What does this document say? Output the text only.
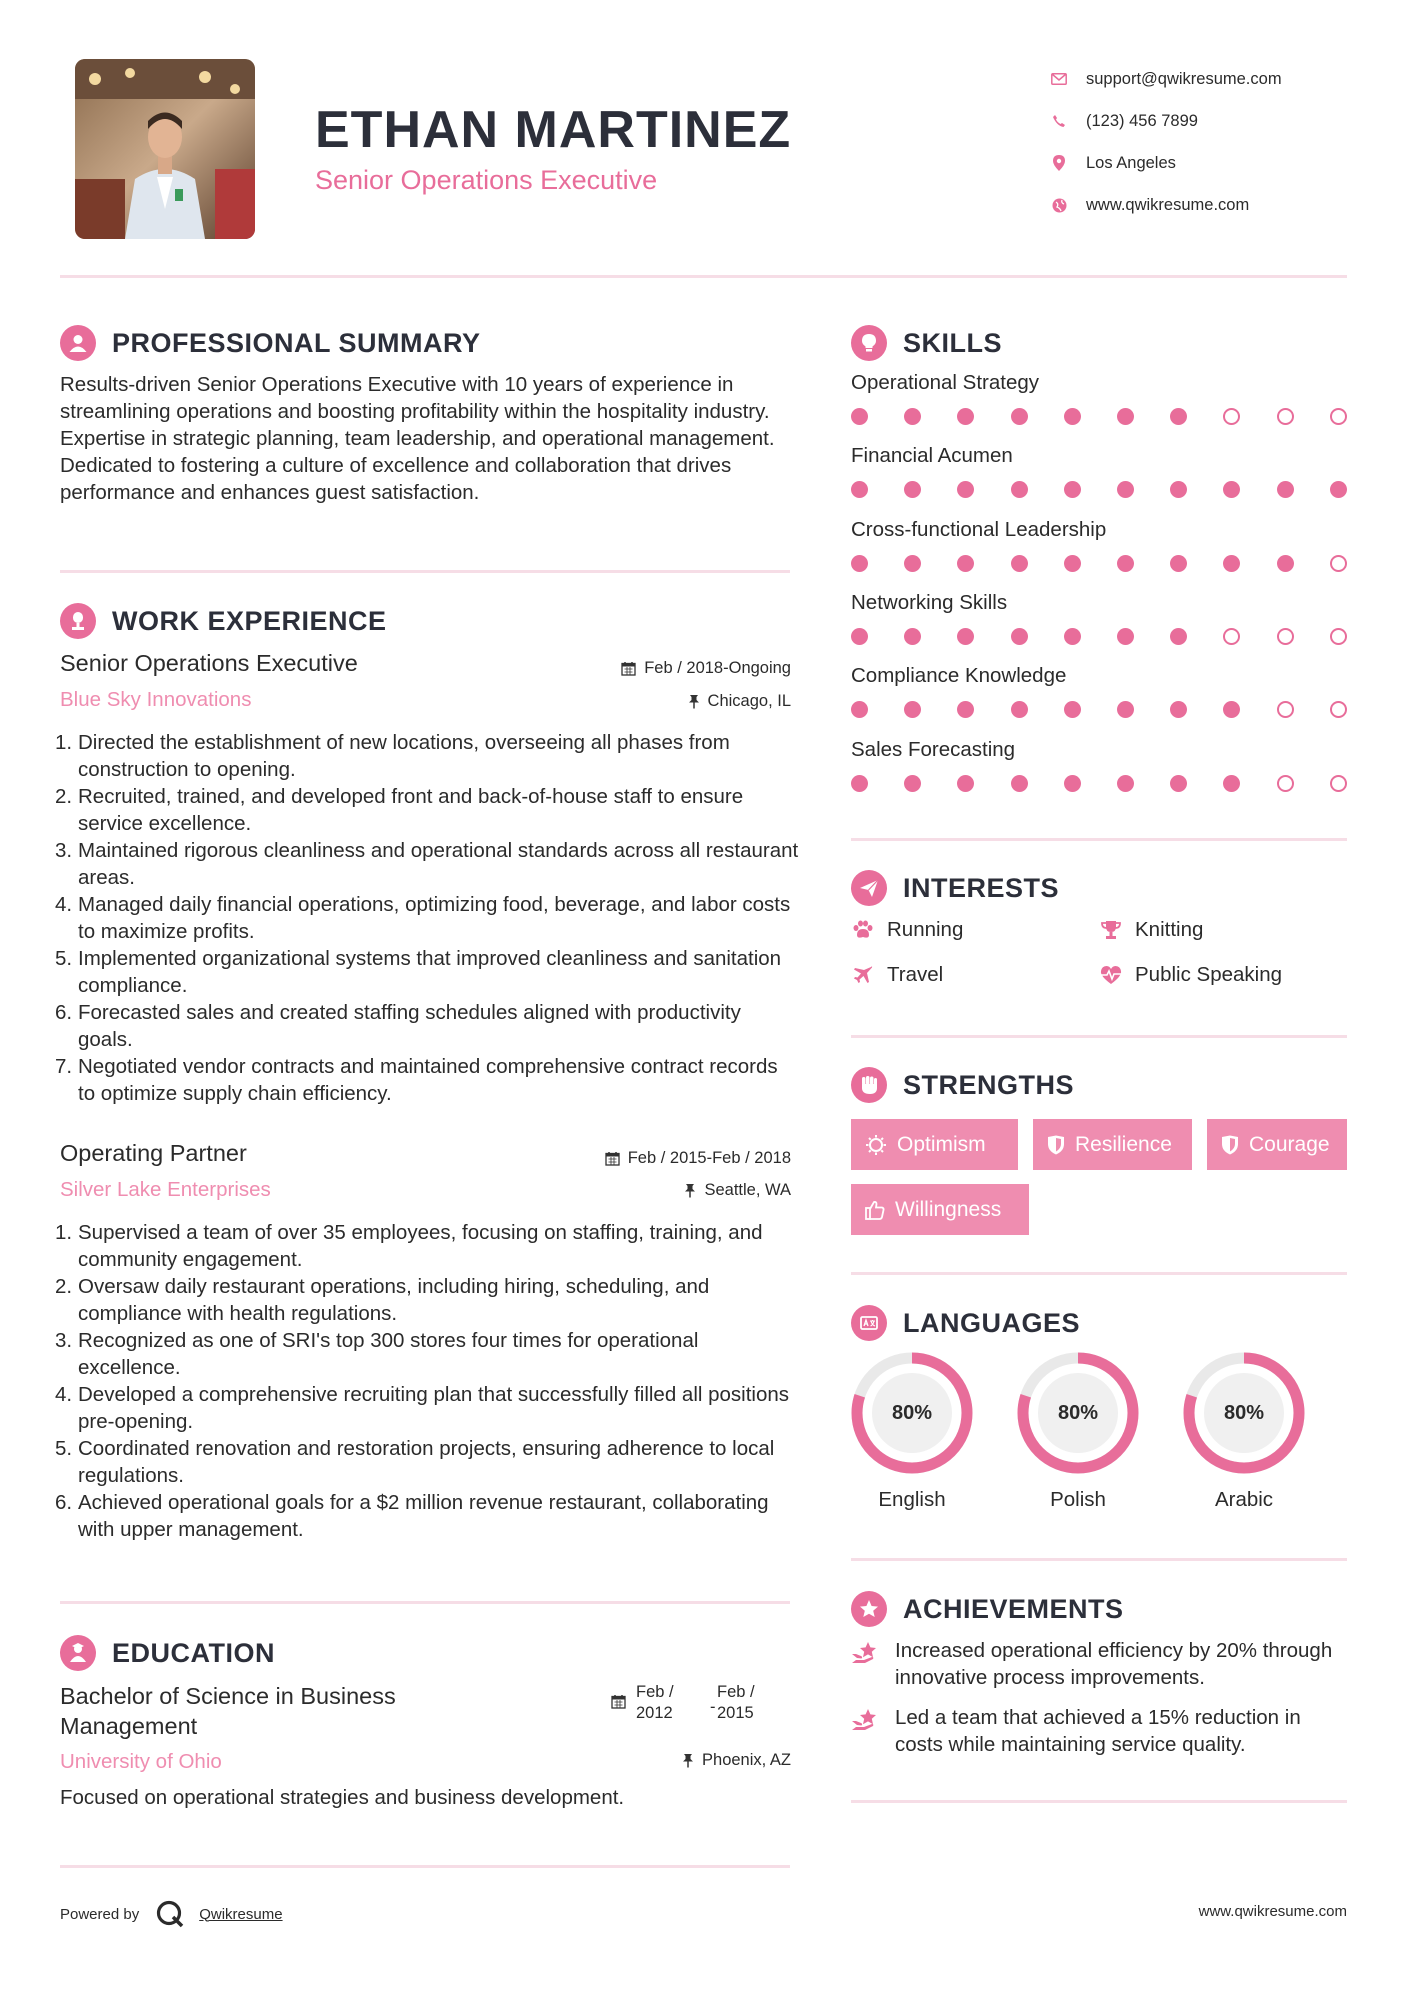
ETHAN MARTINEZ
Senior Operations Executive
support@qwikresume.com
(123) 456 7899
Los Angeles
www.qwikresume.com
PROFESSIONAL SUMMARY
Results-driven Senior Operations Executive with 10 years of experience in streamlining operations and boosting profitability within the hospitality industry. Expertise in strategic planning, team leadership, and operational management. Dedicated to fostering a culture of excellence and collaboration that drives performance and enhances guest satisfaction.
WORK EXPERIENCE
Senior Operations Executive
Blue Sky Innovations
Feb / 2018-Ongoing
Chicago, IL
1. Directed the establishment of new locations, overseeing all phases from construction to opening.
2. Recruited, trained, and developed front and back-of-house staff to ensure service excellence.
3. Maintained rigorous cleanliness and operational standards across all restaurant areas.
4. Managed daily financial operations, optimizing food, beverage, and labor costs to maximize profits.
5. Implemented organizational systems that improved cleanliness and sanitation compliance.
6. Forecasted sales and created staffing schedules aligned with productivity goals.
7. Negotiated vendor contracts and maintained comprehensive contract records to optimize supply chain efficiency.
Operating Partner
Silver Lake Enterprises
Feb / 2015-Feb / 2018
Seattle, WA
1. Supervised a team of over 35 employees, focusing on staffing, training, and community engagement.
2. Oversaw daily restaurant operations, including hiring, scheduling, and compliance with health regulations.
3. Recognized as one of SRI's top 300 stores four times for operational excellence.
4. Developed a comprehensive recruiting plan that successfully filled all positions pre-opening.
5. Coordinated renovation and restoration projects, ensuring adherence to local regulations.
6. Achieved operational goals for a $2 million revenue restaurant, collaborating with upper management.
EDUCATION
Bachelor of Science in Business
Management
University of Ohio
Feb /
2012 -
Feb /
2015
Phoenix, AZ
Focused on operational strategies and business development.
SKILLS
Operational Strategy
Financial Acumen
Cross-functional Leadership
Networking Skills
Compliance Knowledge
Sales Forecasting
INTERESTS
Running	Knitting
Travel	Public Speaking
STRENGTHS
Optimism	Resilience	Courage
Willingness
LANGUAGES
80%
English
80%
Polish
80%
Arabic
ACHIEVEMENTS
Increased operational efficiency by 20% through innovative process improvements.
Led a team that achieved a 15% reduction in costs while maintaining service quality.
Powered by	Qwikresume	www.qwikresume.com
